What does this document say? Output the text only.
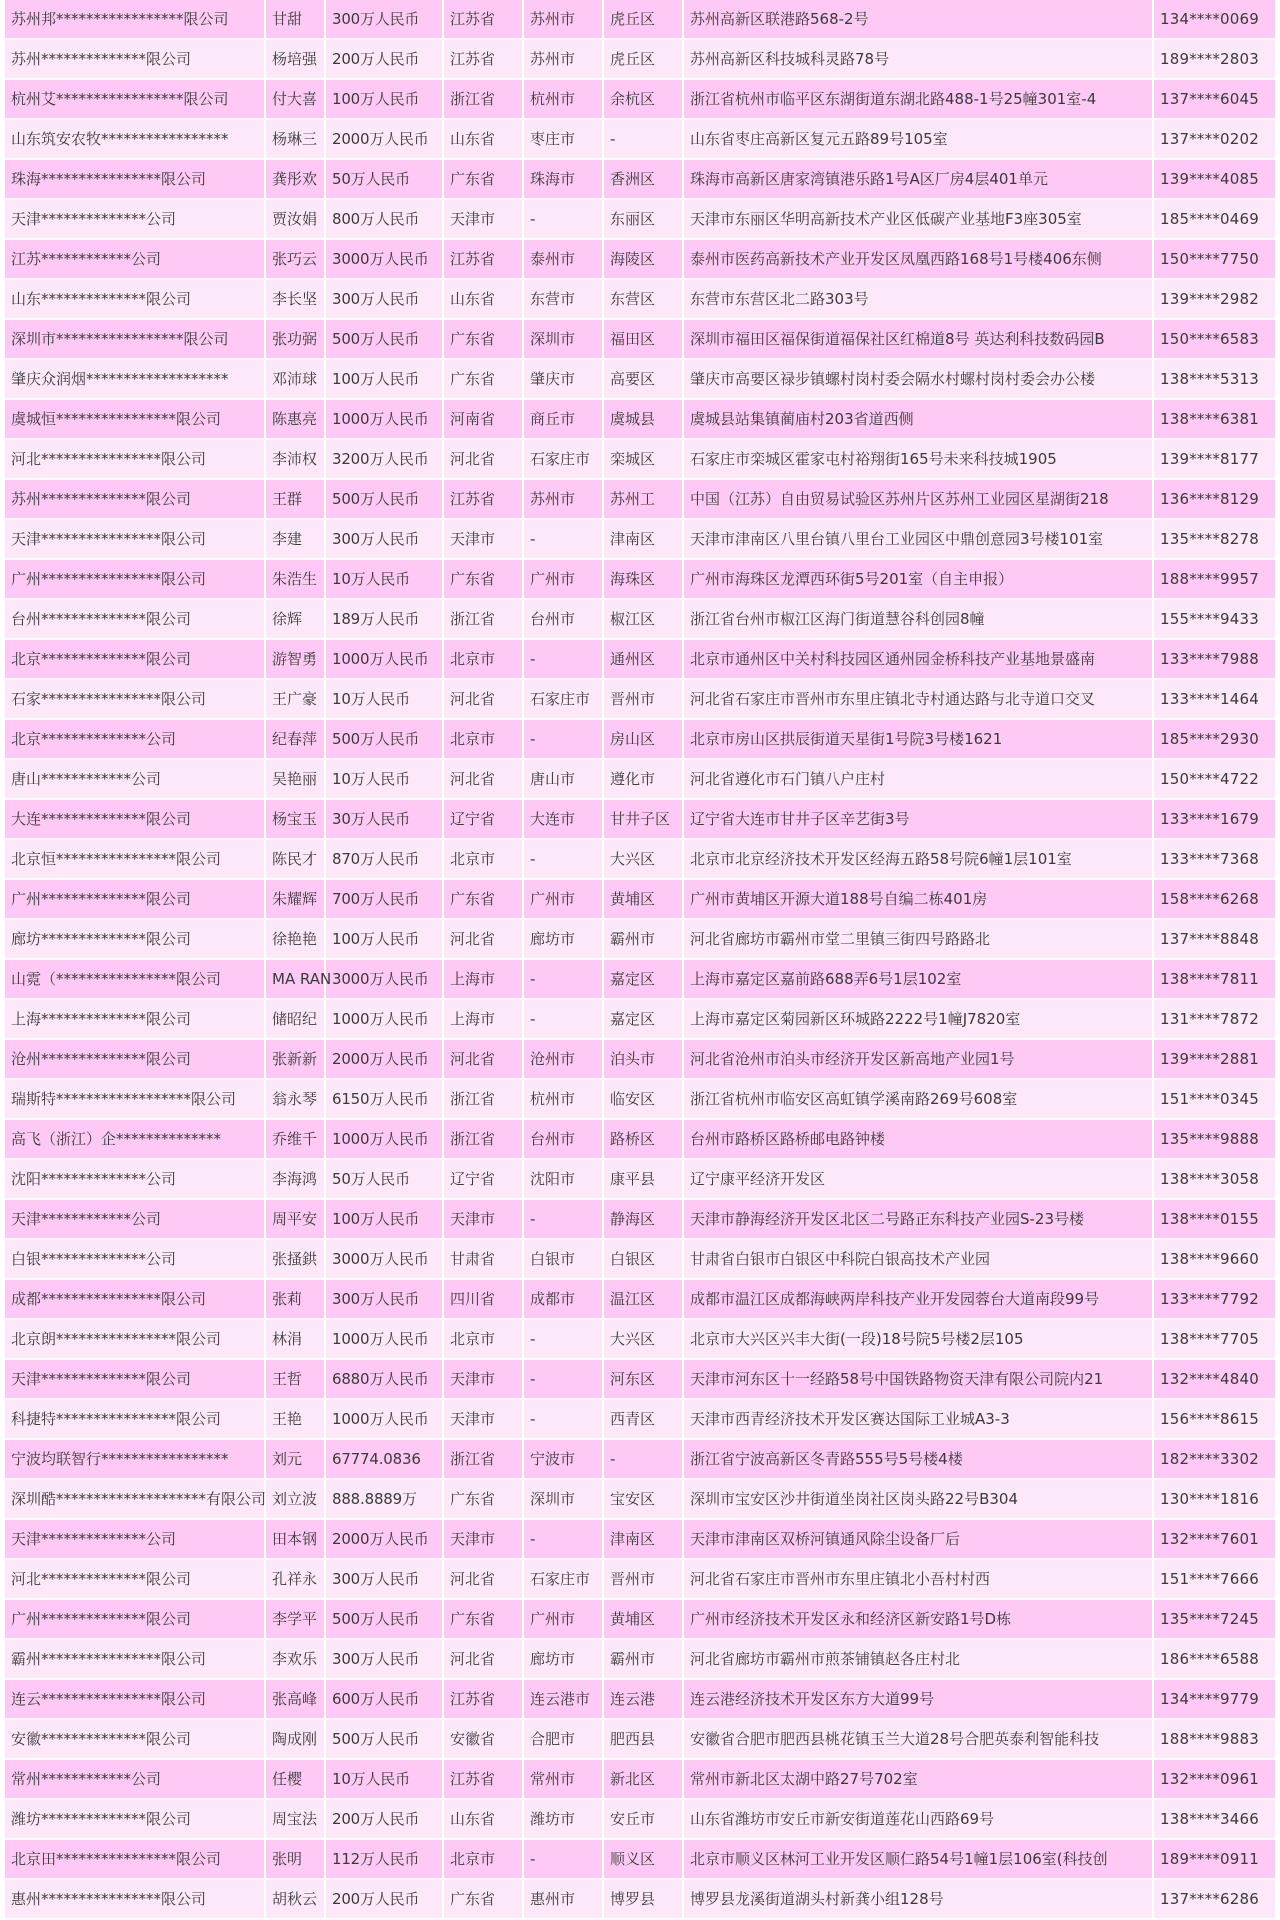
苏州邦*****************限公司	甘甜	300万人民币	江苏省	苏州市	虎丘区	苏州高新区联港路568-2号	134****0069
苏州**************限公司	杨培强	200万人民币	江苏省	苏州市	虎丘区	苏州高新区科技城科灵路78号	189****2803
杭州艾*****************限公司	付大喜	100万人民币	浙江省	杭州市	余杭区	浙江省杭州市临平区东湖街道东湖北路488-1号25幢301室-4	137****6045
山东筑安农牧*****************	杨琳三	2000万人民币	山东省	枣庄市	-	山东省枣庄高新区复元五路89号105室	137****0202
珠海****************限公司	龚彤欢	50万人民币	广东省	珠海市	香洲区	珠海市高新区唐家湾镇港乐路1号A区厂房4层401单元	139****4085
天津**************公司	贾汝娟	800万人民币	天津市	-	东丽区	天津市东丽区华明高新技术产业区低碳产业基地F3座305室	185****0469
江苏************公司	张巧云	3000万人民币	江苏省	泰州市	海陵区	泰州市医药高新技术产业开发区凤凰西路168号1号楼406东侧	150****7750
山东**************限公司	李长坚	300万人民币	山东省	东营市	东营区	东营市东营区北二路303号	139****2982
深圳市*****************限公司	张功弼	500万人民币	广东省	深圳市	福田区	深圳市福田区福保街道福保社区红棉道8号 英达利科技数码园B	150****6583
肇庆众润烟*******************	邓沛球	100万人民币	广东省	肇庆市	高要区	肇庆市高要区禄步镇螺村岗村委会隔水村螺村岗村委会办公楼	138****5313
虞城恒****************限公司	陈惠亮	1000万人民币	河南省	商丘市	虞城县	虞城县站集镇蔺庙村203省道西侧	138****6381
河北****************限公司	李沛权	3200万人民币	河北省	石家庄市	栾城区	石家庄市栾城区霍家屯村裕翔街165号未来科技城1905	139****8177
苏州**************限公司	王群	500万人民币	江苏省	苏州市	苏州工	中国（江苏）自由贸易试验区苏州片区苏州工业园区星湖街218	136****8129
天津****************限公司	李建	300万人民币	天津市	-	津南区	天津市津南区八里台镇八里台工业园区中鼎创意园3号楼101室	135****8278
广州****************限公司	朱浩生	10万人民币	广东省	广州市	海珠区	广州市海珠区龙潭西环街5号201室（自主申报）	188****9957
台州**************限公司	徐辉	189万人民币	浙江省	台州市	椒江区	浙江省台州市椒江区海门街道慧谷科创园8幢	155****9433
北京**************限公司	游智勇	1000万人民币	北京市	-	通州区	北京市通州区中关村科技园区通州园金桥科技产业基地景盛南	133****7988
石家****************限公司	王广豪	10万人民币	河北省	石家庄市	晋州市	河北省石家庄市晋州市东里庄镇北寺村通达路与北寺道口交叉	133****1464
北京**************公司	纪春萍	500万人民币	北京市	-	房山区	北京市房山区拱辰街道天星街1号院3号楼1621	185****2930
唐山************公司	吴艳丽	10万人民币	河北省	唐山市	遵化市	河北省遵化市石门镇八户庄村	150****4722
大连**************限公司	杨宝玉	30万人民币	辽宁省	大连市	甘井子区	辽宁省大连市甘井子区辛艺街3号	133****1679
北京恒****************限公司	陈民才	870万人民币	北京市	-	大兴区	北京市北京经济技术开发区经海五路58号院6幢1层101室	133****7368
广州**************限公司	朱耀辉	700万人民币	广东省	广州市	黄埔区	广州市黄埔区开源大道188号自编二栋401房	158****6268
廊坊**************限公司	徐艳艳	100万人民币	河北省	廊坊市	霸州市	河北省廊坊市霸州市堂二里镇三街四号路路北	137****8848
山霓（****************限公司	MA RAN	3000万人民币	上海市	-	嘉定区	上海市嘉定区嘉前路688弄6号1层102室	138****7811
上海**************限公司	储昭纪	1000万人民币	上海市	-	嘉定区	上海市嘉定区菊园新区环城路2222号1幢J7820室	131****7872
沧州**************限公司	张新新	2000万人民币	河北省	沧州市	泊头市	河北省沧州市泊头市经济开发区新高地产业园1号	139****2881
瑞斯特******************限公司	翁永琴	6150万人民币	浙江省	杭州市	临安区	浙江省杭州市临安区高虹镇学溪南路269号608室	151****0345
高飞（浙江）企**************	乔维千	1000万人民币	浙江省	台州市	路桥区	台州市路桥区路桥邮电路钟楼	135****9888
沈阳**************公司	李海鸿	50万人民币	辽宁省	沈阳市	康平县	辽宁康平经济开发区	138****3058
天津************公司	周平安	100万人民币	天津市	-	静海区	天津市静海经济开发区北区二号路正东科技产业园S-23号楼	138****0155
白银**************公司	张搔鉷	3000万人民币	甘肃省	白银市	白银区	甘肃省白银市白银区中科院白银高技术产业园	138****9660
成都****************限公司	张莉	300万人民币	四川省	成都市	温江区	成都市温江区成都海峡两岸科技产业开发园蓉台大道南段99号	133****7792
北京朗****************限公司	林涓	1000万人民币	北京市	-	大兴区	北京市大兴区兴丰大街(一段)18号院5号楼2层105	138****7705
天津**************限公司	王哲	6880万人民币	天津市	-	河东区	天津市河东区十一经路58号中国铁路物资天津有限公司院内21	132****4840
科捷特****************限公司	王艳	1000万人民币	天津市	-	西青区	天津市西青经济技术开发区赛达国际工业城A3-3	156****8615
宁波均联智行*****************	刘元	67774.0836	浙江省	宁波市	-	浙江省宁波高新区冬青路555号5号楼4楼	182****3302
深圳酷********************有限公司	刘立波	888.8889万	广东省	深圳市	宝安区	深圳市宝安区沙井街道坐岗社区岗头路22号B304	130****1816
天津**************公司	田本钢	2000万人民币	天津市	-	津南区	天津市津南区双桥河镇通风除尘设备厂后	132****7601
河北**************限公司	孔祥永	300万人民币	河北省	石家庄市	晋州市	河北省石家庄市晋州市东里庄镇北小吾村村西	151****7666
广州**************限公司	李学平	500万人民币	广东省	广州市	黄埔区	广州市经济技术开发区永和经济区新安路1号D栋	135****7245
霸州****************限公司	李欢乐	300万人民币	河北省	廊坊市	霸州市	河北省廊坊市霸州市煎茶铺镇赵各庄村北	186****6588
连云****************限公司	张高峰	600万人民币	江苏省	连云港市	连云港	连云港经济技术开发区东方大道99号	134****9779
安徽**************限公司	陶成刚	500万人民币	安徽省	合肥市	肥西县	安徽省合肥市肥西县桃花镇玉兰大道28号合肥英泰利智能科技	188****9883
常州************公司	任樱	10万人民币	江苏省	常州市	新北区	常州市新北区太湖中路27号702室	132****0961
潍坊**************限公司	周宝法	200万人民币	山东省	潍坊市	安丘市	山东省潍坊市安丘市新安街道莲花山西路69号	138****3466
北京田****************限公司	张明	112万人民币	北京市	-	顺义区	北京市顺义区林河工业开发区顺仁路54号1幢1层106室(科技创	189****0911
惠州****************限公司	胡秋云	200万人民币	广东省	惠州市	博罗县	博罗县龙溪街道湖头村新龚小组128号	137****6286
